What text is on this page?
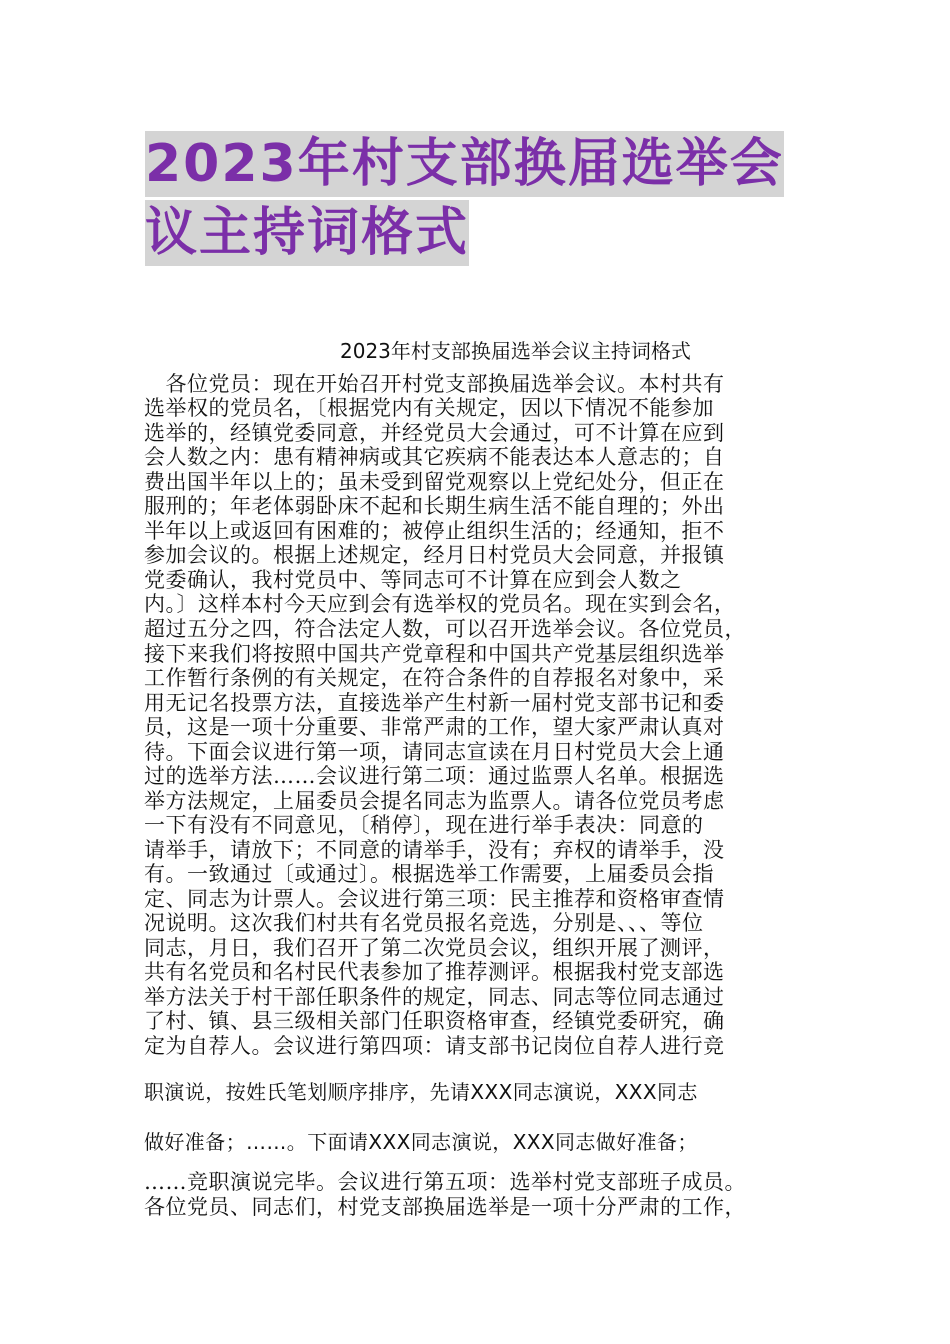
2023年村支部换届选举会
议主持词格式
2023年村支部换届选举会议主持词格式
　各位党员：现在开始召开村党支部换届选举会议。本村共有
选举权的党员名，〔根据党内有关规定，因以下情况不能参加
选举的，经镇党委同意，并经党员大会通过，可不计算在应到
会人数之内：患有精神病或其它疾病不能表达本人意志的；自
费出国半年以上的；虽未受到留党观察以上党纪处分，但正在
服刑的；年老体弱卧床不起和长期生病生活不能自理的；外出
半年以上或返回有困难的；被停止组织生活的；经通知，拒不
参加会议的。根据上述规定，经月日村党员大会同意，并报镇
党委确认，我村党员中、等同志可不计算在应到会人数之
内。〕这样本村今天应到会有选举权的党员名。现在实到会名，
超过五分之四，符合法定人数，可以召开选举会议。各位党员，
接下来我们将按照中国共产党章程和中国共产党基层组织选举
工作暂行条例的有关规定，在符合条件的自荐报名对象中，采
用无记名投票方法，直接选举产生村新一届村党支部书记和委
员，这是一项十分重要、非常严肃的工作，望大家严肃认真对
待。下面会议进行第一项，请同志宣读在月日村党员大会上通
过的选举方法……会议进行第二项：通过监票人名单。根据选
举方法规定，上届委员会提名同志为监票人。请各位党员考虑
一下有没有不同意见，〔稍停〕，现在进行举手表决：同意的
请举手，请放下；不同意的请举手，没有；弃权的请举手，没
有。一致通过〔或通过〕。根据选举工作需要，上届委员会指
定、同志为计票人。会议进行第三项：民主推荐和资格审查情
况说明。这次我们村共有名党员报名竞选，分别是、、、等位
同志，月日，我们召开了第二次党员会议，组织开展了测评，
共有名党员和名村民代表参加了推荐测评。根据我村党支部选
举方法关于村干部任职条件的规定，同志、同志等位同志通过
了村、镇、县三级相关部门任职资格审查，经镇党委研究，确
定为自荐人。会议进行第四项：请支部书记岗位自荐人进行竞
职演说，按姓氏笔划顺序排序，先请XXX同志演说，XXX同志
做好准备；……。下面请XXX同志演说，XXX同志做好准备；
……竞职演说完毕。会议进行第五项：选举村党支部班子成员。
各位党员、同志们，村党支部换届选举是一项十分严肃的工作，
